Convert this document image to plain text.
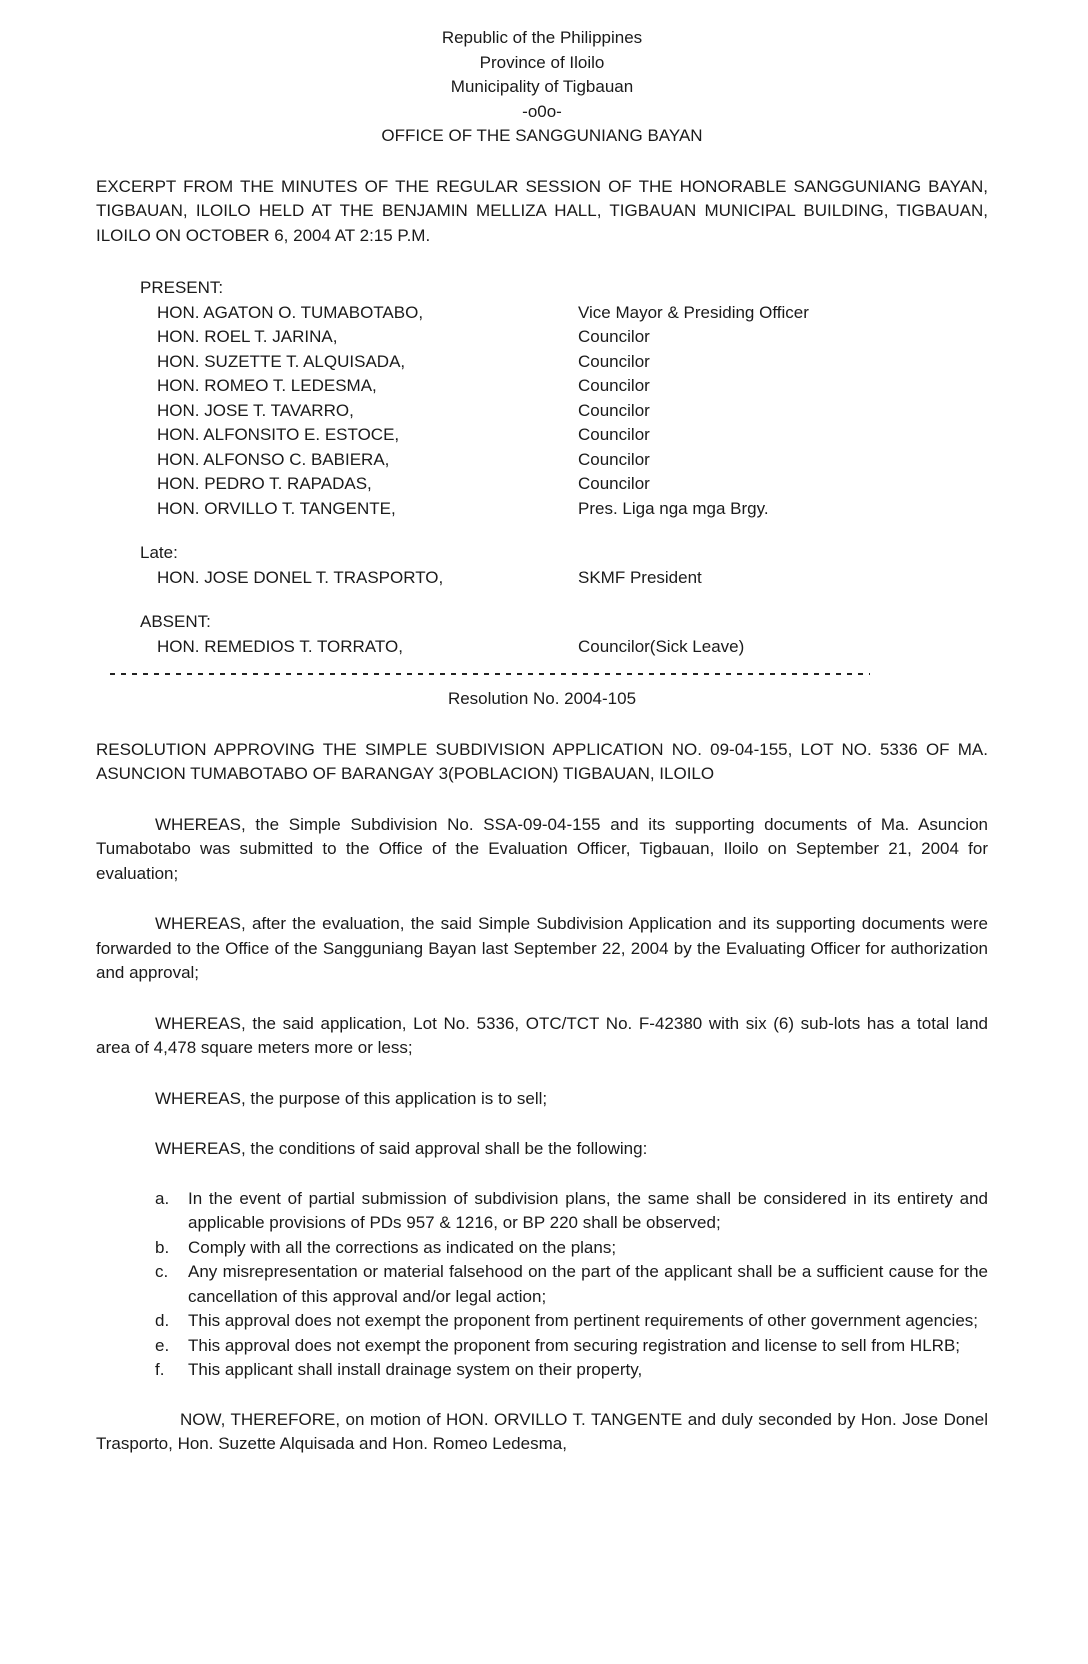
Republic of the Philippines
Province of Iloilo
Municipality of Tigbauan
-o0o-
OFFICE OF THE SANGGUNIANG BAYAN

EXCERPT FROM THE MINUTES OF THE REGULAR SESSION OF THE HONORABLE SANGGUNIANG BAYAN, TIGBAUAN, ILOILO HELD AT THE BENJAMIN MELLIZA HALL, TIGBAUAN MUNICIPAL BUILDING, TIGBAUAN, ILOILO ON OCTOBER 6, 2004 AT 2:15 P.M.

PRESENT:
HON. AGATON O. TUMABOTABO,	Vice Mayor & Presiding Officer
HON. ROEL T. JARINA,	Councilor
HON. SUZETTE T. ALQUISADA,	Councilor
HON. ROMEO T. LEDESMA,	Councilor
HON. JOSE T. TAVARRO,	Councilor
HON. ALFONSITO E. ESTOCE,	Councilor
HON. ALFONSO C. BABIERA,	Councilor
HON. PEDRO T. RAPADAS,	Councilor
HON. ORVILLO T. TANGENTE,	Pres. Liga nga mga Brgy.
Late:
HON. JOSE DONEL T. TRASPORTO,	SKMF President
ABSENT:
HON. REMEDIOS T. TORRATO,	Councilor(Sick Leave)
Resolution No. 2004-105

RESOLUTION APPROVING THE SIMPLE SUBDIVISION APPLICATION NO. 09-04-155, LOT NO. 5336 OF MA. ASUNCION TUMABOTABO OF BARANGAY 3(POBLACION) TIGBAUAN, ILOILO

WHEREAS, the Simple Subdivision No. SSA-09-04-155 and its supporting documents of Ma. Asuncion Tumabotabo was submitted to the Office of the Evaluation Officer, Tigbauan, Iloilo on September 21, 2004 for evaluation;

WHEREAS, after the evaluation, the said Simple Subdivision Application and its supporting documents were forwarded to the Office of the Sangguniang Bayan last September 22, 2004 by the Evaluating Officer for authorization and approval;

WHEREAS, the said application, Lot No. 5336, OTC/TCT No. F-42380 with six (6) sub-lots has a total land area of 4,478 square meters more or less;

WHEREAS, the purpose of this application is to sell;

WHEREAS, the conditions of said approval shall be the following:

a.	In the event of partial submission of subdivision plans, the same shall be considered in its entirety and applicable provisions of PDs 957 & 1216, or BP 220 shall be observed;
b.	Comply with all the corrections as indicated on the plans;
c.	Any misrepresentation or material falsehood on the part of the applicant shall be a sufficient cause for the cancellation of this approval and/or legal action;
d.	This approval does not exempt the proponent from pertinent requirements of other government agencies;
e.	This approval does not exempt the proponent from securing registration and license to sell from HLRB;
f.	This applicant shall install drainage system on their property,

NOW, THEREFORE, on motion of HON. ORVILLO T. TANGENTE and duly seconded by Hon. Jose Donel Trasporto, Hon. Suzette Alquisada and Hon. Romeo Ledesma,
